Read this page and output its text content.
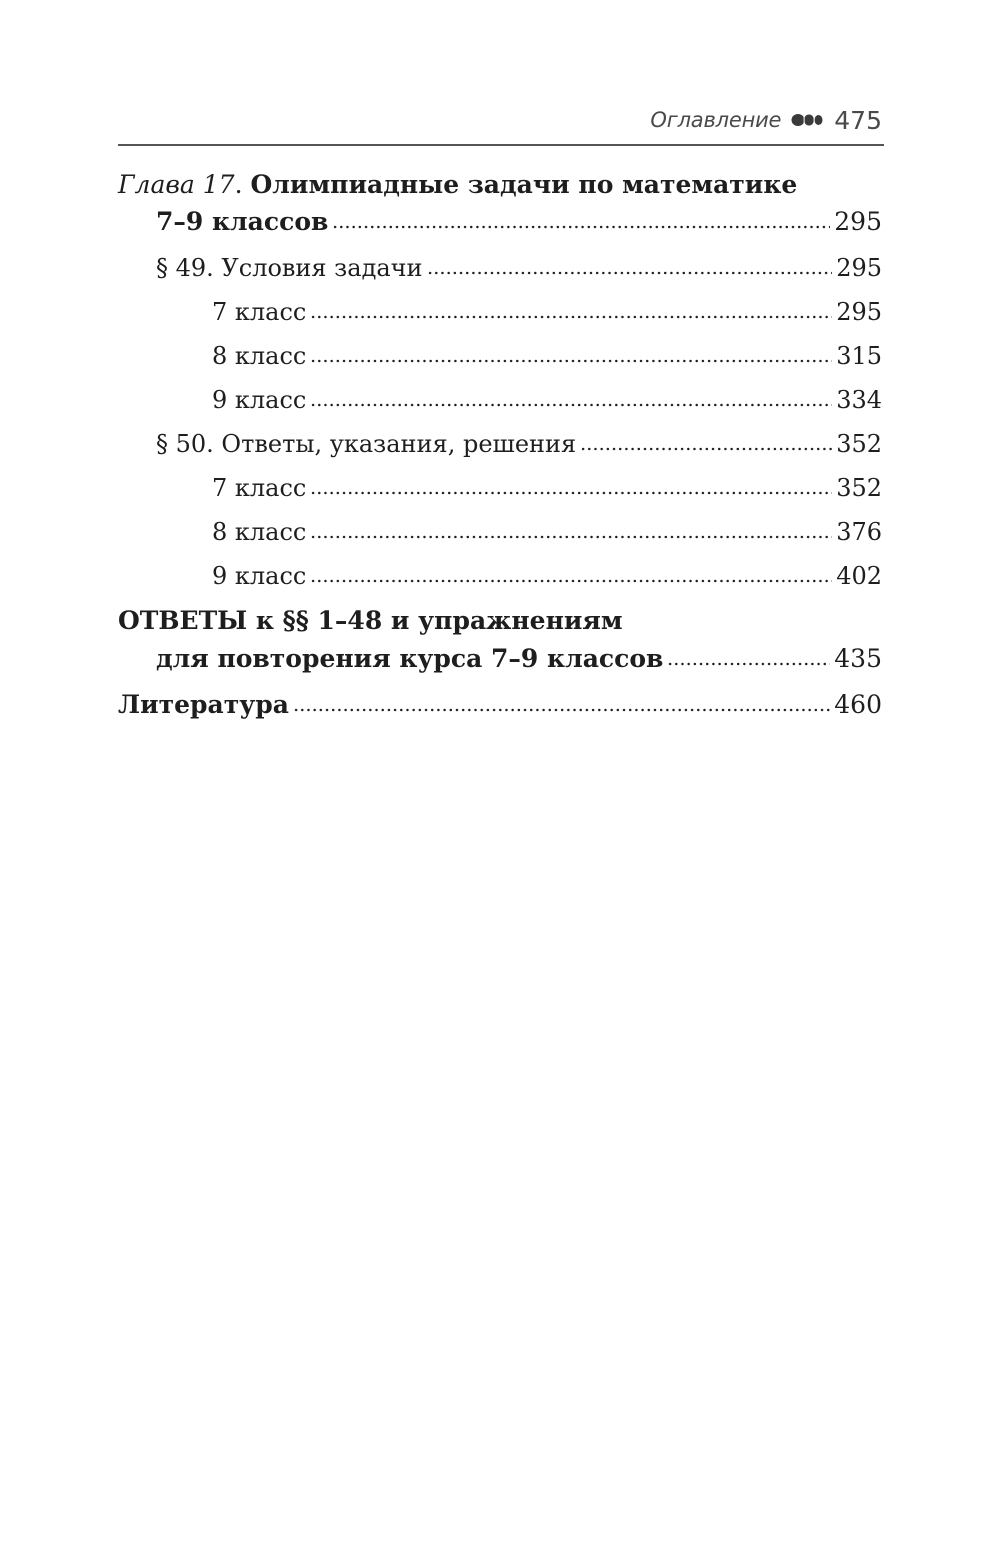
Оглавление 475
Глава 17 .
Олимпиадные задачи по математике
7–9 классов	295
§ 49. Условия задачи	295
7 класс	295
8 класс	315
9 класс	334
§ 50. Ответы, указания, решения	352
7 класс	352
8 класс	376
9 класс	402
ОТВЕТЫ к §§ 1–48 и упражнениям
для повторения курса 7–9 классов	435
Литература	460
